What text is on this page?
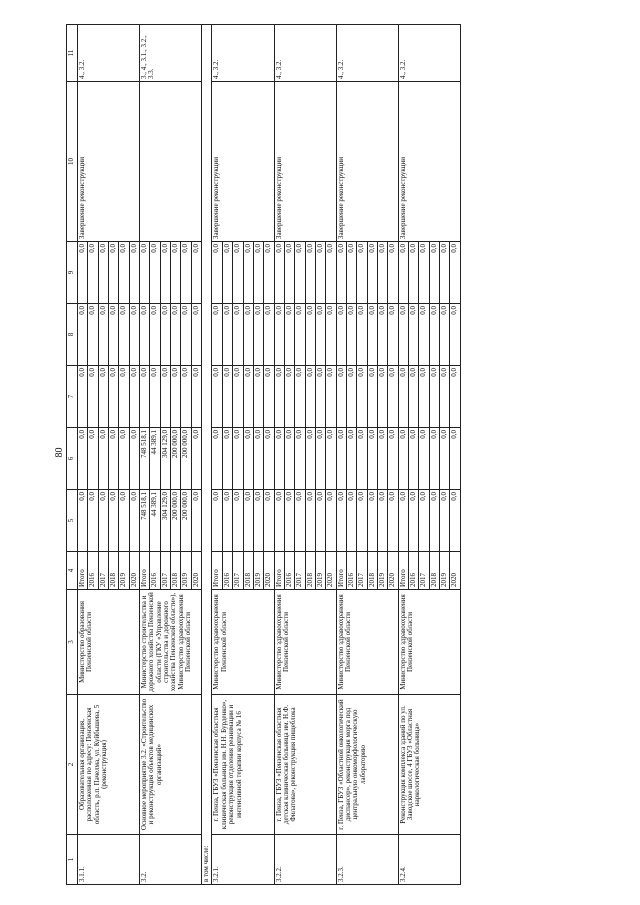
80
1	2	3	4	5	6	7	8	9	10	11
3.1.1.	Образовательная организация, расположенная по адресу: Пензенская область, р.п. Пачелма, ул. Куйбышева, 5 (реконструкция)	Министерство образования Пензенской области	Итого	0,0	0,0	0,0	0,0	0,0	Завершение реконструкции	4., 3.2.
			2016	0,0	0,0	0,0	0,0	0,0		
			2017	0,0	0,0	0,0	0,0	0,0		
			2018	0,0	0,0	0,0	0,0	0,0		
			2019	0,0	0,0	0,0	0,0	0,0		
			2020	0,0	0,0	0,0	0,0	0,0		
3.2.	Основное мероприятие 3.2. «Строительство и реконструкция объектов медицинских организаций»	Министерство строительства и дорожного хозяйства Пензенской области (ГКУ «Управление строительства и дорожного хозяйства Пензенской области»), Министерство здравоохранения Пензенской области	Итого	748 518,1	748 518,1	0,0	0,0	0,0		3., 4., 3.1., 3.2., 3.3.
			2016	44 389,1	44 389,1	0,0	0,0	0,0		
			2017	304 129,0	304 129,0	0,0	0,0	0,0		
			2018	200 000,0	200 000,0	0,0	0,0	0,0		
			2019	200 000,0	200 000,0	0,0	0,0	0,0		
			2020	0,0	0,0	0,0	0,0	0,0		
в том числе:										
3.2.1.	г. Пенза, ГБУЗ «Пензенская областная клиническая больница им. Н.Н. Бурденко», реконструкция отделения реанимации и интенсивной терапии корпуса № 16	Министерство здравоохранения Пензенской области	Итого	0,0	0,0	0,0	0,0	0,0	Завершение реконструкции	4., 3.2.
			2016	0,0	0,0	0,0	0,0	0,0		
			2017	0,0	0,0	0,0	0,0	0,0		
			2018	0,0	0,0	0,0	0,0	0,0		
			2019	0,0	0,0	0,0	0,0	0,0		
			2020	0,0	0,0	0,0	0,0	0,0		
3.2.2.	г. Пенза, ГБУЗ «Пензенская областная детская клиническая больница им. Н.Ф. Филатова», реконструкция пищеблока	Министерство здравоохранения Пензенской области	Итого	0,0	0,0	0,0	0,0	0,0	Завершение реконструкции	4., 3.2.
			2016	0,0	0,0	0,0	0,0	0,0		
			2017	0,0	0,0	0,0	0,0	0,0		
			2018	0,0	0,0	0,0	0,0	0,0		
			2019	0,0	0,0	0,0	0,0	0,0		
			2020	0,0	0,0	0,0	0,0	0,0		
3.2.3.	г. Пенза, ГБУЗ «Областной онкологический диспансер», реконструкция морга под центральную онкоморфологическую лабораторию	Министерство здравоохранения Пензенской области	Итого	0,0	0,0	0,0	0,0	0,0	Завершение реконструкции	4., 3.2.
			2016	0,0	0,0	0,0	0,0	0,0		
			2017	0,0	0,0	0,0	0,0	0,0		
			2018	0,0	0,0	0,0	0,0	0,0		
			2019	0,0	0,0	0,0	0,0	0,0		
			2020	0,0	0,0	0,0	0,0	0,0		
3.2.4.	Реконструкция комплекса зданий по ул. Заводское шоссе, 4 ГБУЗ «Областная наркологическая больница»	Министерство здравоохранения Пензенской области	Итого	0,0	0,0	0,0	0,0	0,0	Завершение реконструкции	4., 3.2.
			2016	0,0	0,0	0,0	0,0	0,0		
			2017	0,0	0,0	0,0	0,0	0,0		
			2018	0,0	0,0	0,0	0,0	0,0		
			2019	0,0	0,0	0,0	0,0	0,0		
			2020	0,0	0,0	0,0	0,0	0,0		
